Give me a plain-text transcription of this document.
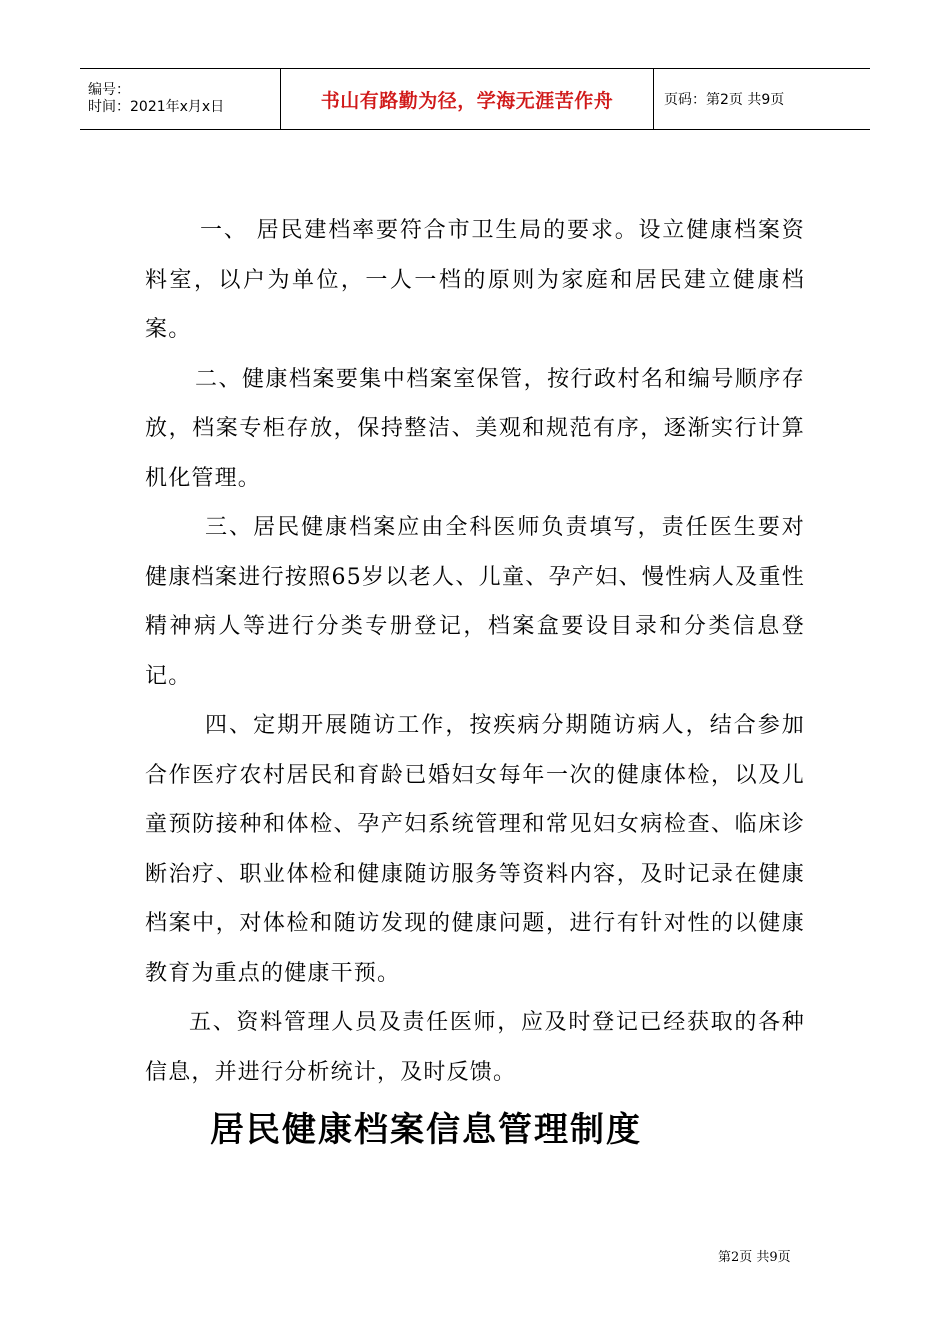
编号：
时间：2021年x月x日	书山有路勤为径，学海无涯苦作舟	页码：第2页 共9页

一、 居民建档率要符合市卫生局的要求。设立健康档案资料室，以户为单位，一人一档的原则为家庭和居民建立健康档案。

二、健康档案要集中档案室保管，按行政村名和编号顺序存放，档案专柜存放，保持整洁、美观和规范有序，逐渐实行计算机化管理。

三、居民健康档案应由全科医师负责填写，责任医生要对健康档案进行按照65岁以老人、儿童、孕产妇、慢性病人及重性精神病人等进行分类专册登记，档案盒要设目录和分类信息登记。

四、定期开展随访工作，按疾病分期随访病人，结合参加合作医疗农村居民和育龄已婚妇女每年一次的健康体检，以及儿童预防接种和体检、孕产妇系统管理和常见妇女病检查、临床诊断治疗、职业体检和健康随访服务等资料内容，及时记录在健康档案中，对体检和随访发现的健康问题，进行有针对性的以健康教育为重点的健康干预。

五、资料管理人员及责任医师，应及时登记已经获取的各种信息，并进行分析统计，及时反馈。

居民健康档案信息管理制度
第2页 共9页
